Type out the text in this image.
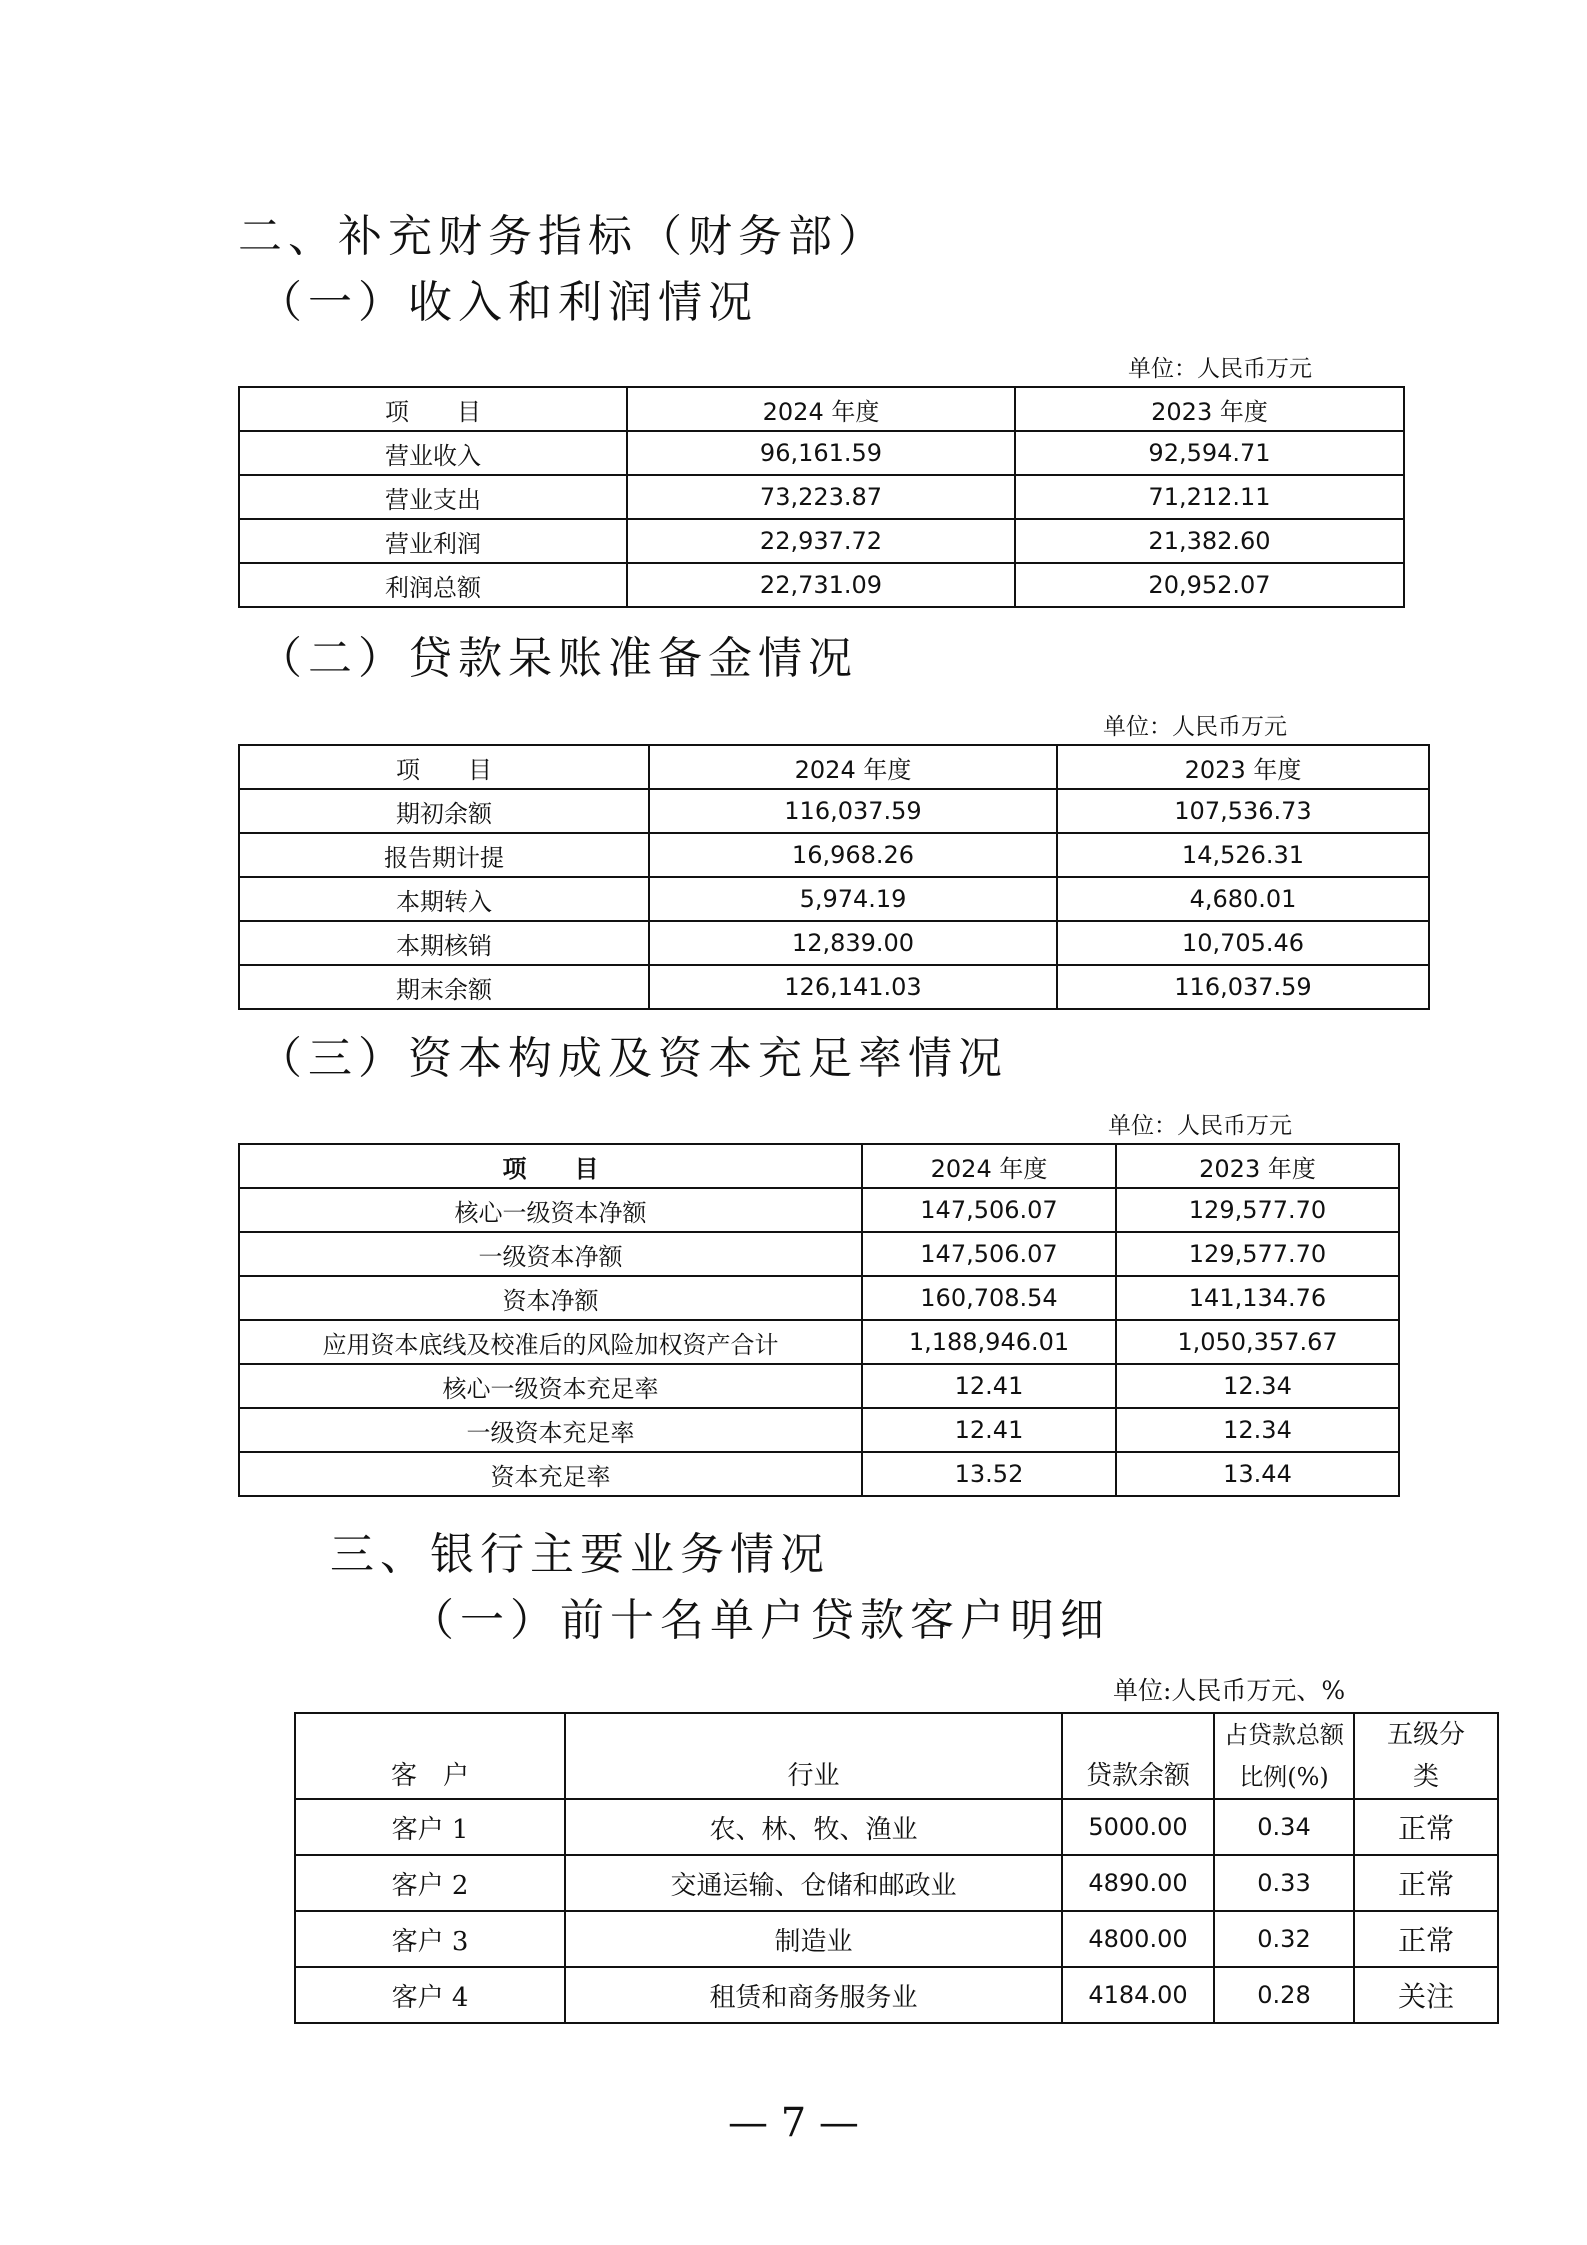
二、补充财务指标（财务部）
（一）收入和利润情况
单位：人民币万元
项　　目	2024 年度	2023 年度
营业收入	96,161.59	92,594.71
营业支出	73,223.87	71,212.11
营业利润	22,937.72	21,382.60
利润总额	22,731.09	20,952.07
（二）贷款呆账准备金情况
单位：人民币万元
项　　目	2024 年度	2023 年度
期初余额	116,037.59	107,536.73
报告期计提	16,968.26	14,526.31
本期转入	5,974.19	4,680.01
本期核销	12,839.00	10,705.46
期末余额	126,141.03	116,037.59
（三）资本构成及资本充足率情况
单位：人民币万元
项　　目	2024 年度	2023 年度
核心一级资本净额	147,506.07	129,577.70
一级资本净额	147,506.07	129,577.70
资本净额	160,708.54	141,134.76
应用资本底线及校准后的风险加权资产合计	1,188,946.01	1,050,357.67
核心一级资本充足率	12.41	12.34
一级资本充足率	12.41	12.34
资本充足率	13.52	13.44
三、银行主要业务情况
（一）前十名单户贷款客户明细
单位:人民币万元、%
客　户	行业	贷款余额	占贷款总额比例(%)	五级分类
客户 1	农、林、牧、渔业	5000.00	0.34	正常
客户 2	交通运输、仓储和邮政业	4890.00	0.33	正常
客户 3	制造业	4800.00	0.32	正常
客户 4	租赁和商务服务业	4184.00	0.28	关注
— 7 —
